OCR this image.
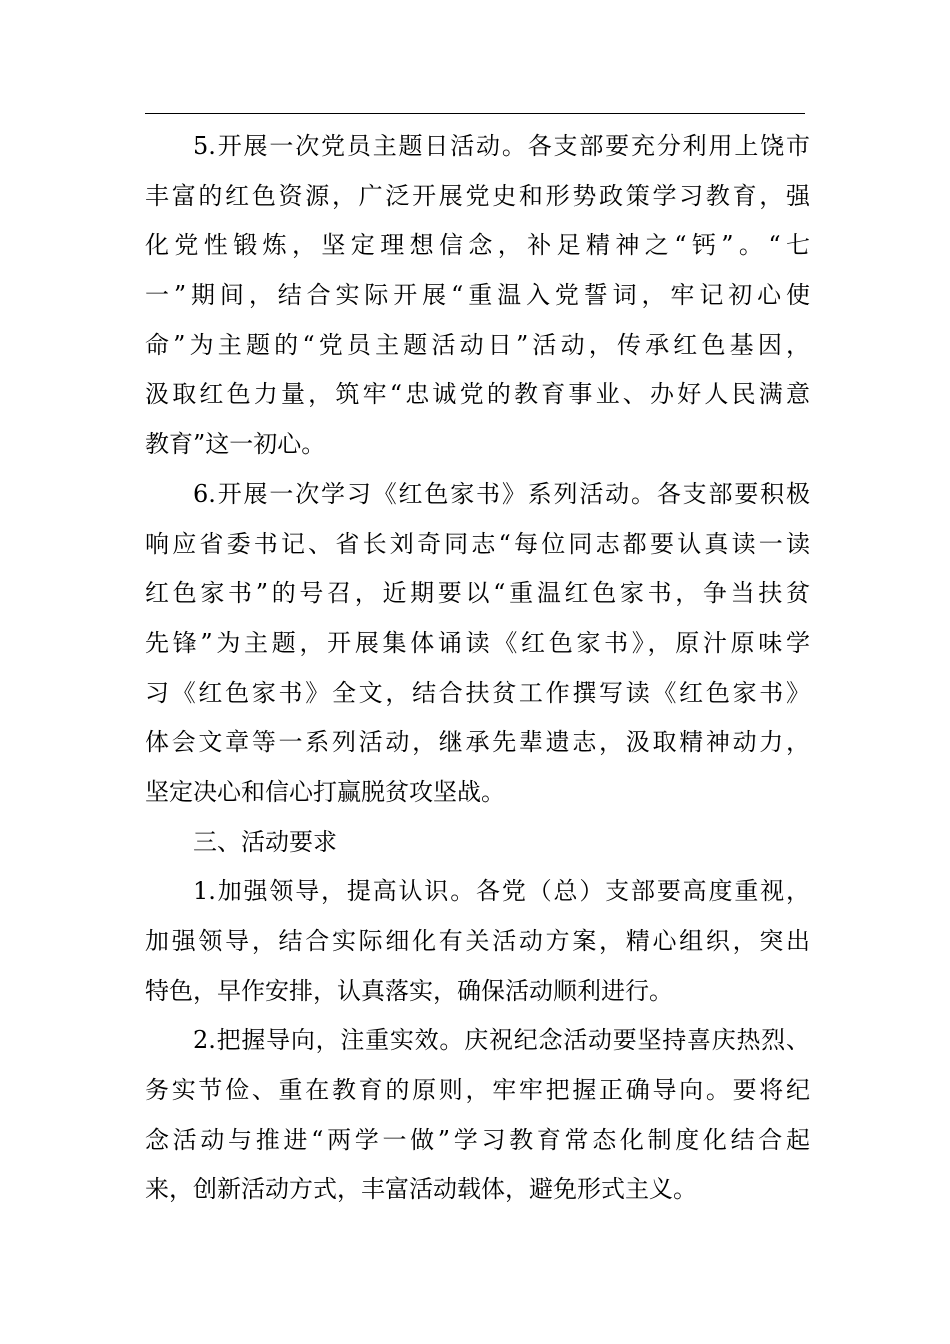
5.开展一次党员主题日活动。各支部要充分利用上饶市
丰富的红色资源，广泛开展党史和形势政策学习教育，强
化党性锻炼，坚定理想信念，补足精神之“钙”。“七
一”期间，结合实际开展“重温入党誓词，牢记初心使
命”为主题的“党员主题活动日”活动，传承红色基因，
汲取红色力量，筑牢“忠诚党的教育事业、办好人民满意
教育”这一初心。
6.开展一次学习《红色家书》系列活动。各支部要积极
响应省委书记、省长刘奇同志“每位同志都要认真读一读
红色家书”的号召，近期要以“重温红色家书，争当扶贫
先锋”为主题，开展集体诵读《红色家书》，原汁原味学
习《红色家书》全文，结合扶贫工作撰写读《红色家书》
体会文章等一系列活动，继承先辈遗志，汲取精神动力，
坚定决心和信心打赢脱贫攻坚战。
三、活动要求
1.加强领导，提高认识。各党（总）支部要高度重视，
加强领导，结合实际细化有关活动方案，精心组织，突出
特色，早作安排，认真落实，确保活动顺利进行。
2.把握导向，注重实效。庆祝纪念活动要坚持喜庆热烈、
务实节俭、重在教育的原则，牢牢把握正确导向。要将纪
念活动与推进“两学一做”学习教育常态化制度化结合起
来，创新活动方式，丰富活动载体，避免形式主义。
